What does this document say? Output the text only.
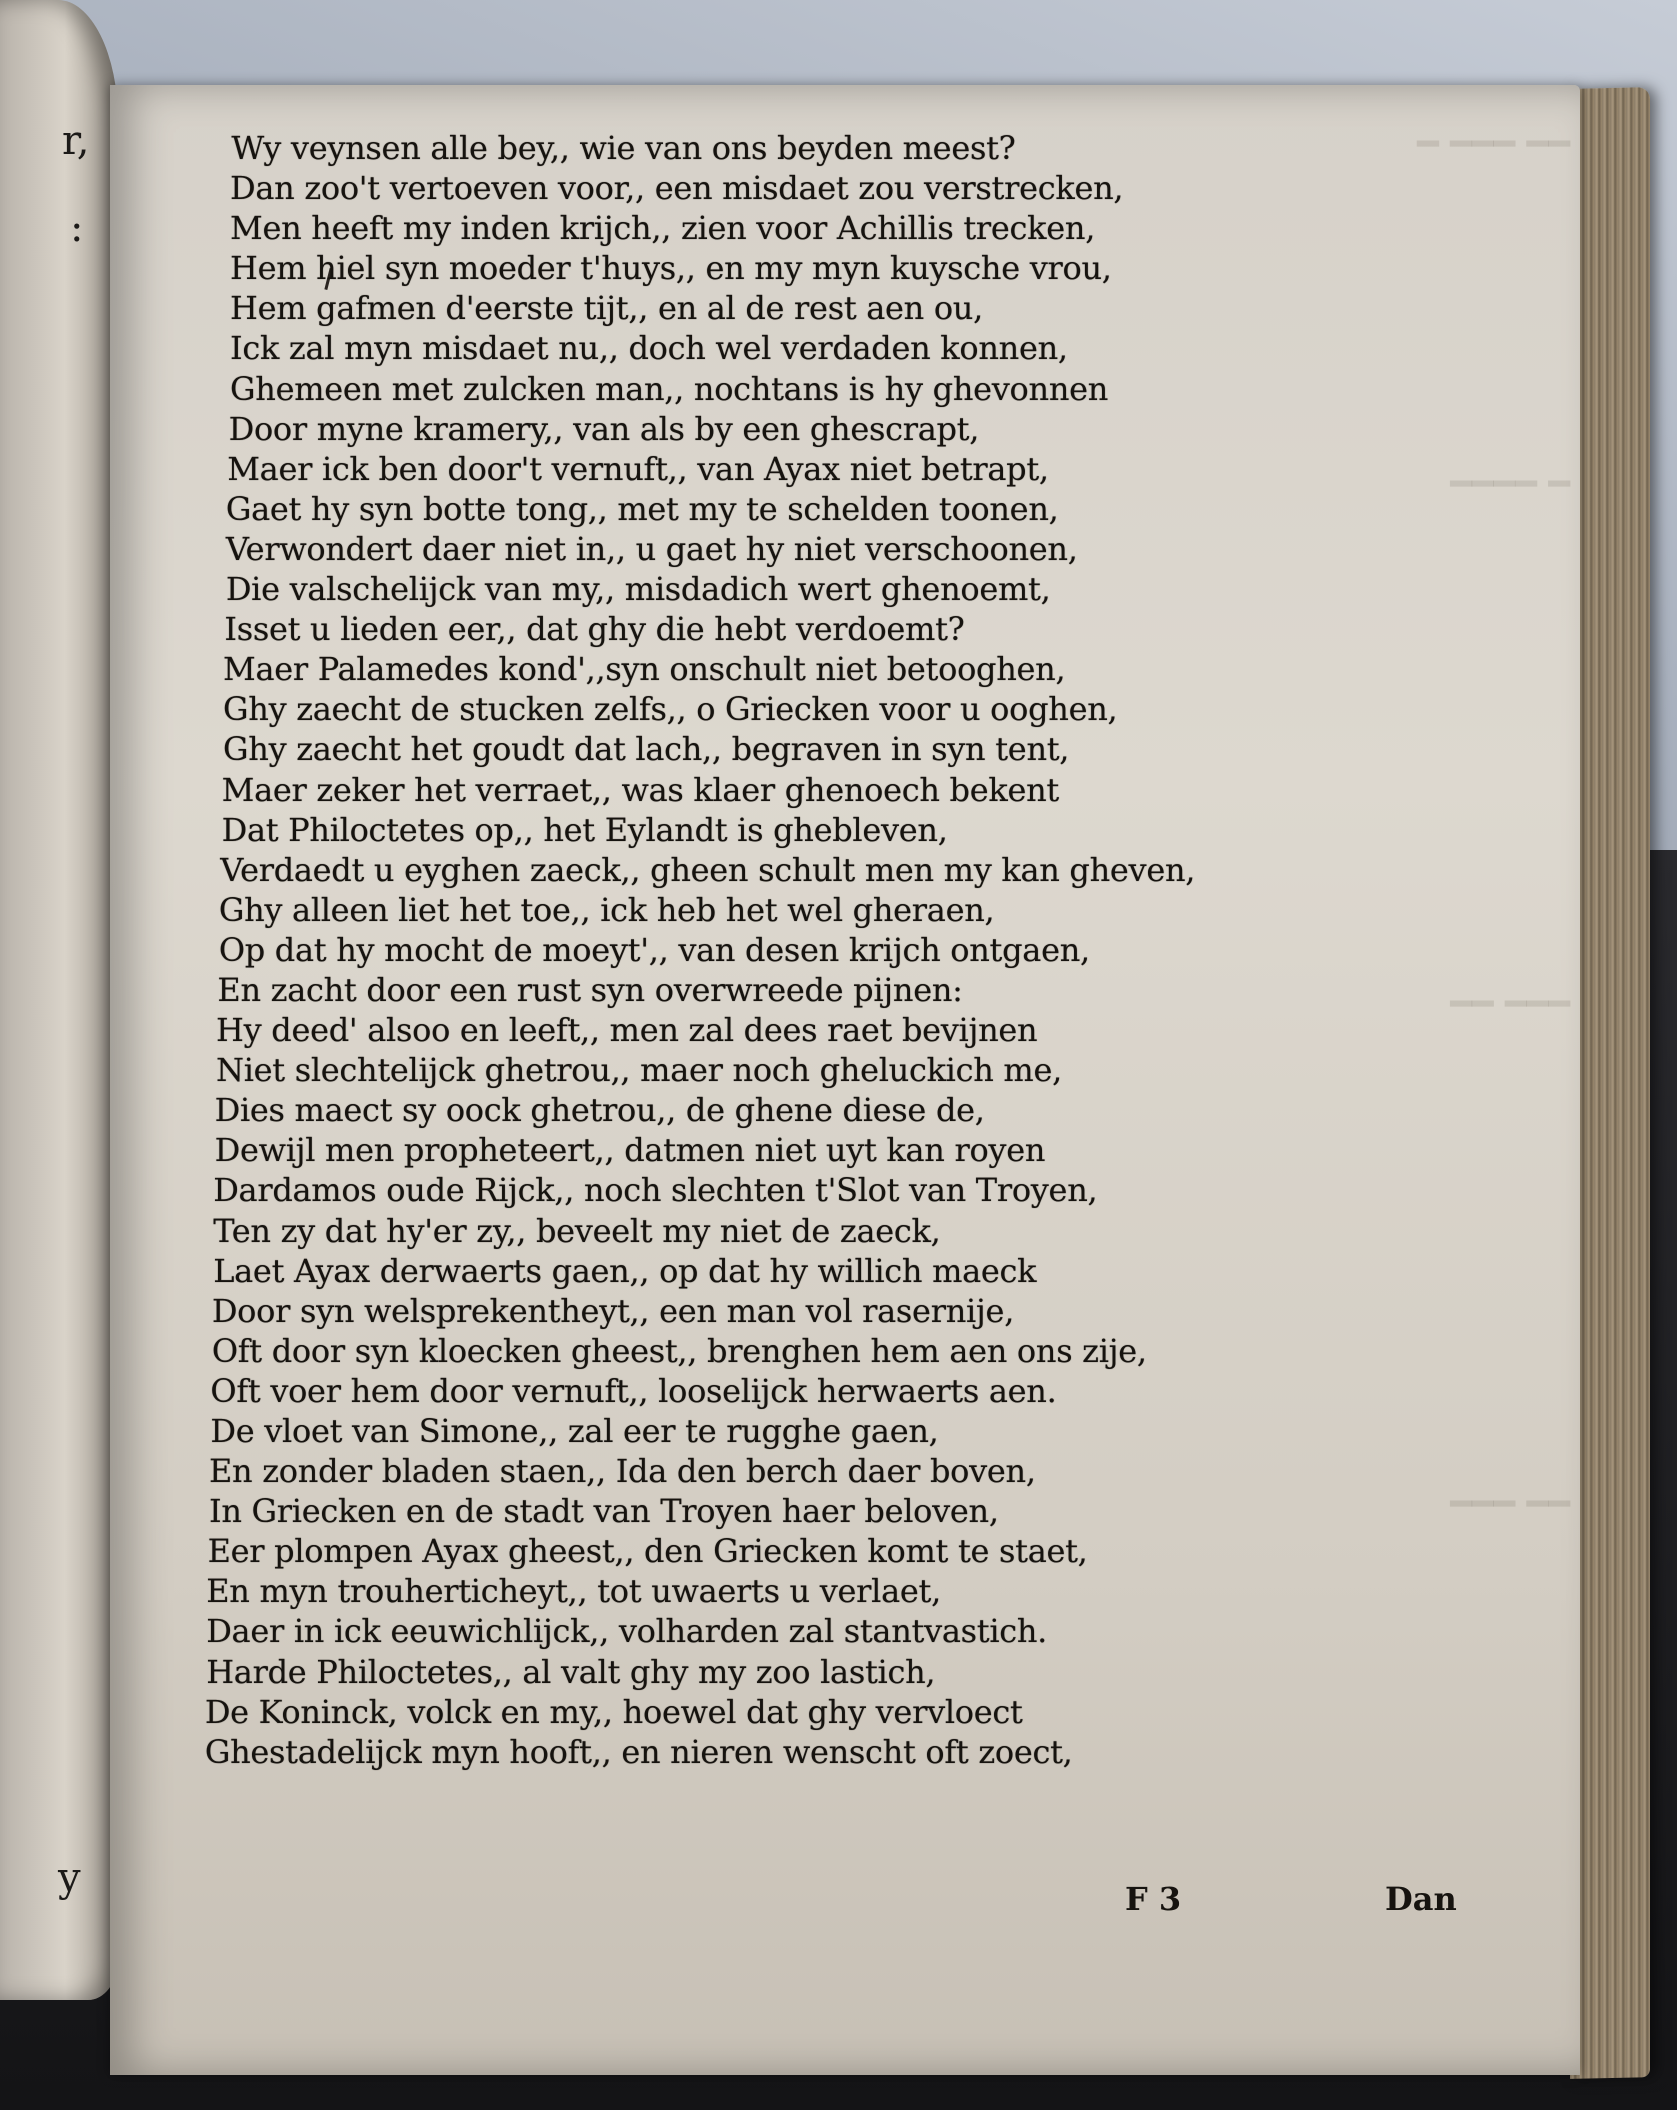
r,
:
y
━ ━━━ ━━
━━━━ ━
━━ ━━━
━━━ ━━
Wy veynsen alle bey,, wie van ons beyden meest?
Dan zoo't vertoeven voor,, een misdaet zou verstrecken,
Men heeft my inden krijch,, zien voor Achillis trecken,
Hem hiel syn moeder t'huys,, en my myn kuysche vrou,
Hem gafmen d'eerste tijt,, en al de rest aen ou,
Ick zal myn misdaet nu,, doch wel verdaden konnen,
Ghemeen met zulcken man,, nochtans is hy ghevonnen
Door myne kramery,, van als by een ghescrapt,
Maer ick ben door't vernuft,, van Ayax niet betrapt,
Gaet hy syn botte tong,, met my te schelden toonen,
Verwondert daer niet in,, u gaet hy niet verschoonen,
Die valschelijck van my,, misdadich wert ghenoemt,
Isset u lieden eer,, dat ghy die hebt verdoemt?
Maer Palamedes kond',,syn onschult niet betooghen,
Ghy zaecht de stucken zelfs,, o Griecken voor u ooghen,
Ghy zaecht het goudt dat lach,, begraven in syn tent,
Maer zeker het verraet,, was klaer ghenoech bekent
Dat Philoctetes op,, het Eylandt is ghebleven,
Verdaedt u eyghen zaeck,, gheen schult men my kan gheven,
Ghy alleen liet het toe,, ick heb het wel gheraen,
Op dat hy mocht de moeyt',, van desen krijch ontgaen,
En zacht door een rust syn overwreede pijnen:
Hy deed' alsoo en leeft,, men zal dees raet bevijnen
Niet slechtelijck ghetrou,, maer noch gheluckich me,
Dies maect sy oock ghetrou,, de ghene diese de,
Dewijl men propheteert,, datmen niet uyt kan royen
Dardamos oude Rijck,, noch slechten t'Slot van Troyen,
Ten zy dat hy'er zy,, beveelt my niet de zaeck,
Laet Ayax derwaerts gaen,, op dat hy willich maeck
Door syn welsprekentheyt,, een man vol rasernije,
Oft door syn kloecken gheest,, brenghen hem aen ons zije,
Oft voer hem door vernuft,, looselijck herwaerts aen.
De vloet van Simone,, zal eer te rugghe gaen,
En zonder bladen staen,, Ida den berch daer boven,
In Griecken en de stadt van Troyen haer beloven,
Eer plompen Ayax gheest,, den Griecken komt te staet,
En myn trouherticheyt,, tot uwaerts u verlaet,
Daer in ick eeuwichlijck,, volharden zal stantvastich.
Harde Philoctetes,, al valt ghy my zoo lastich,
De Koninck, volck en my,, hoewel dat ghy vervloect
Ghestadelijck myn hooft,, en nieren wenscht oft zoect,
F 3	Dan
